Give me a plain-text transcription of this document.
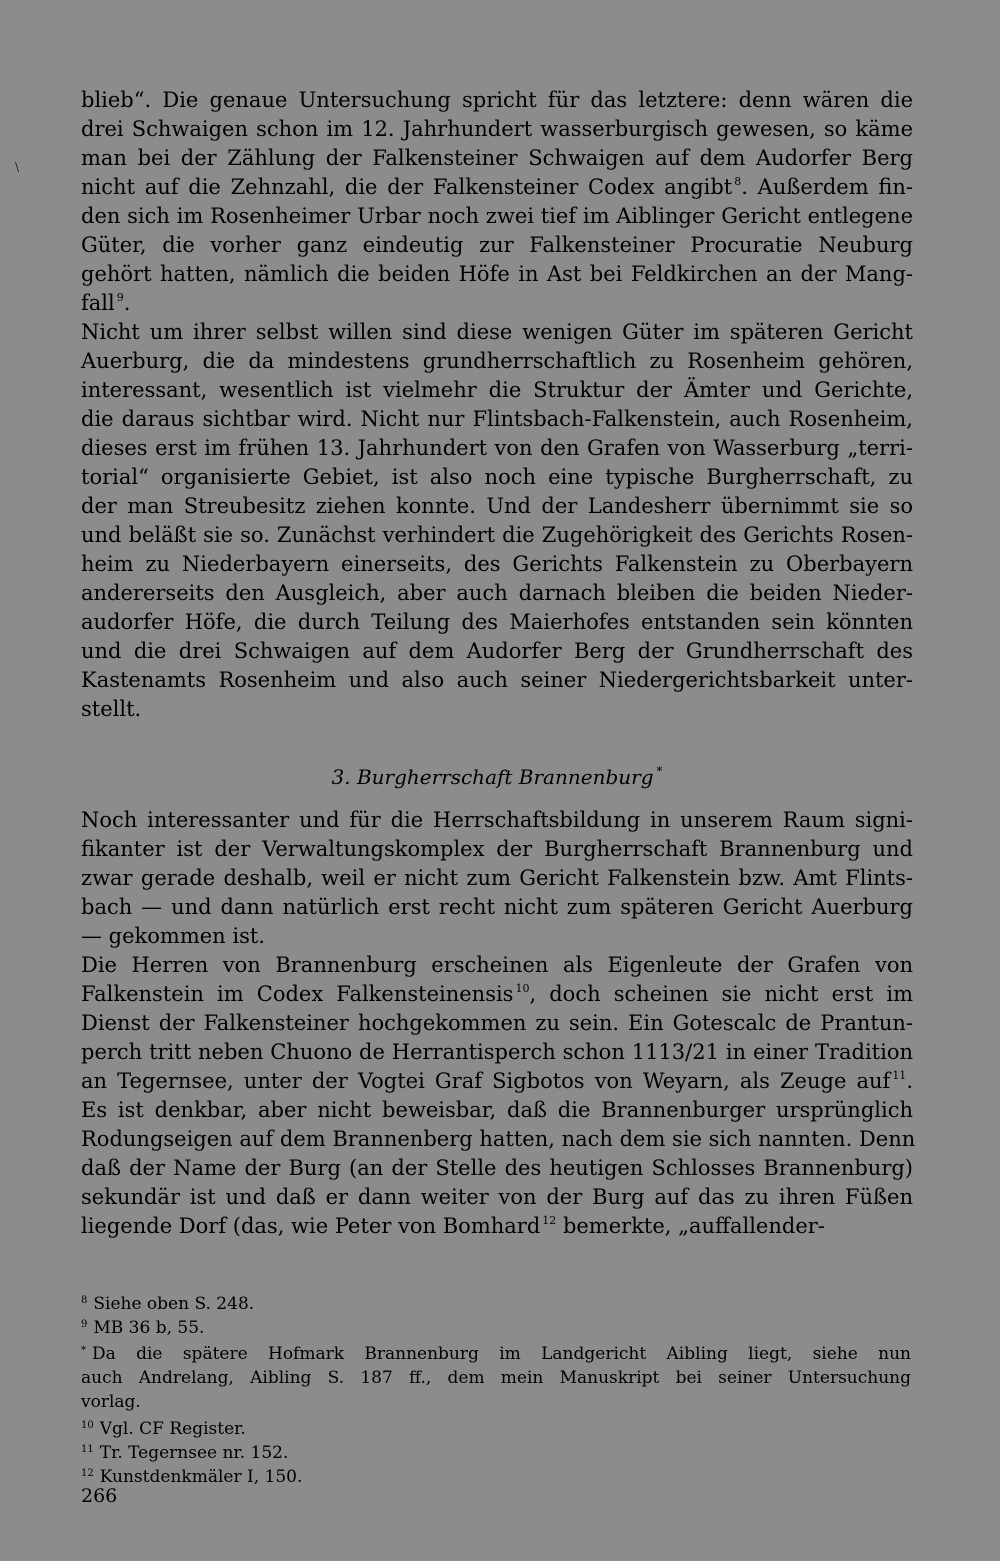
\
blieb“. Die genaue Untersuchung spricht für das letztere: denn wären die
drei Schwaigen schon im 12. Jahrhundert wasserburgisch gewesen, so käme
man bei der Zählung der Falkensteiner Schwaigen auf dem Audorfer Berg
nicht auf die Zehnzahl, die der Falkensteiner Codex angibt $^8$. Außerdem fin-
den sich im Rosenheimer Urbar noch zwei tief im Aiblinger Gericht entlegene
Güter, die vorher ganz eindeutig zur Falkensteiner Procuratie Neuburg
gehört hatten, nämlich die beiden Höfe in Ast bei Feldkirchen an der Mang-
fall $^9$.
Nicht um ihrer selbst willen sind diese wenigen Güter im späteren Gericht
Auerburg, die da mindestens grundherrschaftlich zu Rosenheim gehören,
interessant, wesentlich ist vielmehr die Struktur der Ämter und Gerichte,
die daraus sichtbar wird. Nicht nur Flintsbach-Falkenstein, auch Rosenheim,
dieses erst im frühen 13. Jahrhundert von den Grafen von Wasserburg „terri-
torial“ organisierte Gebiet, ist also noch eine typische Burgherrschaft, zu
der man Streubesitz ziehen konnte. Und der Landesherr übernimmt sie so
und beläßt sie so. Zunächst verhindert die Zugehörigkeit des Gerichts Rosen-
heim zu Niederbayern einerseits, des Gerichts Falkenstein zu Oberbayern
andererseits den Ausgleich, aber auch darnach bleiben die beiden Nieder-
audorfer Höfe, die durch Teilung des Maierhofes entstanden sein könnten
und die drei Schwaigen auf dem Audorfer Berg der Grundherrschaft des
Kastenamts Rosenheim und also auch seiner Niedergerichtsbarkeit unter-
stellt.
3. Burgherrschaft Brannenburg *
Noch interessanter und für die Herrschaftsbildung in unserem Raum signi-
fikanter ist der Verwaltungskomplex der Burgherrschaft Brannenburg und
zwar gerade deshalb, weil er nicht zum Gericht Falkenstein bzw. Amt Flints-
bach — und dann natürlich erst recht nicht zum späteren Gericht Auerburg
— gekommen ist.
Die Herren von Brannenburg erscheinen als Eigenleute der Grafen von
Falkenstein im Codex Falkensteinensis $^{10}$, doch scheinen sie nicht erst im
Dienst der Falkensteiner hochgekommen zu sein. Ein Gotescalc de Prantun-
perch tritt neben Chuono de Herrantisperch schon 1113/21 in einer Tradition
an Tegernsee, unter der Vogtei Graf Sigbotos von Weyarn, als Zeuge auf $^{11}$.
Es ist denkbar, aber nicht beweisbar, daß die Brannenburger ursprünglich
Rodungseigen auf dem Brannenberg hatten, nach dem sie sich nannten. Denn
daß der Name der Burg (an der Stelle des heutigen Schlosses Brannenburg)
sekundär ist und daß er dann weiter von der Burg auf das zu ihren Füßen
liegende Dorf (das, wie Peter von Bomhard $^{12}$ bemerkte, „auffallender-
$^8$ Siehe oben S. 248.
$^9$ MB 36 b, 55.
* Da die spätere Hofmark Brannenburg im Landgericht Aibling liegt, siehe nun
auch Andrelang, Aibling S. 187 ff., dem mein Manuskript bei seiner Untersuchung
vorlag.
$^{10}$ Vgl. CF Register.
$^{11}$ Tr. Tegernsee nr. 152.
$^{12}$ Kunstdenkmäler I, 150.
266
